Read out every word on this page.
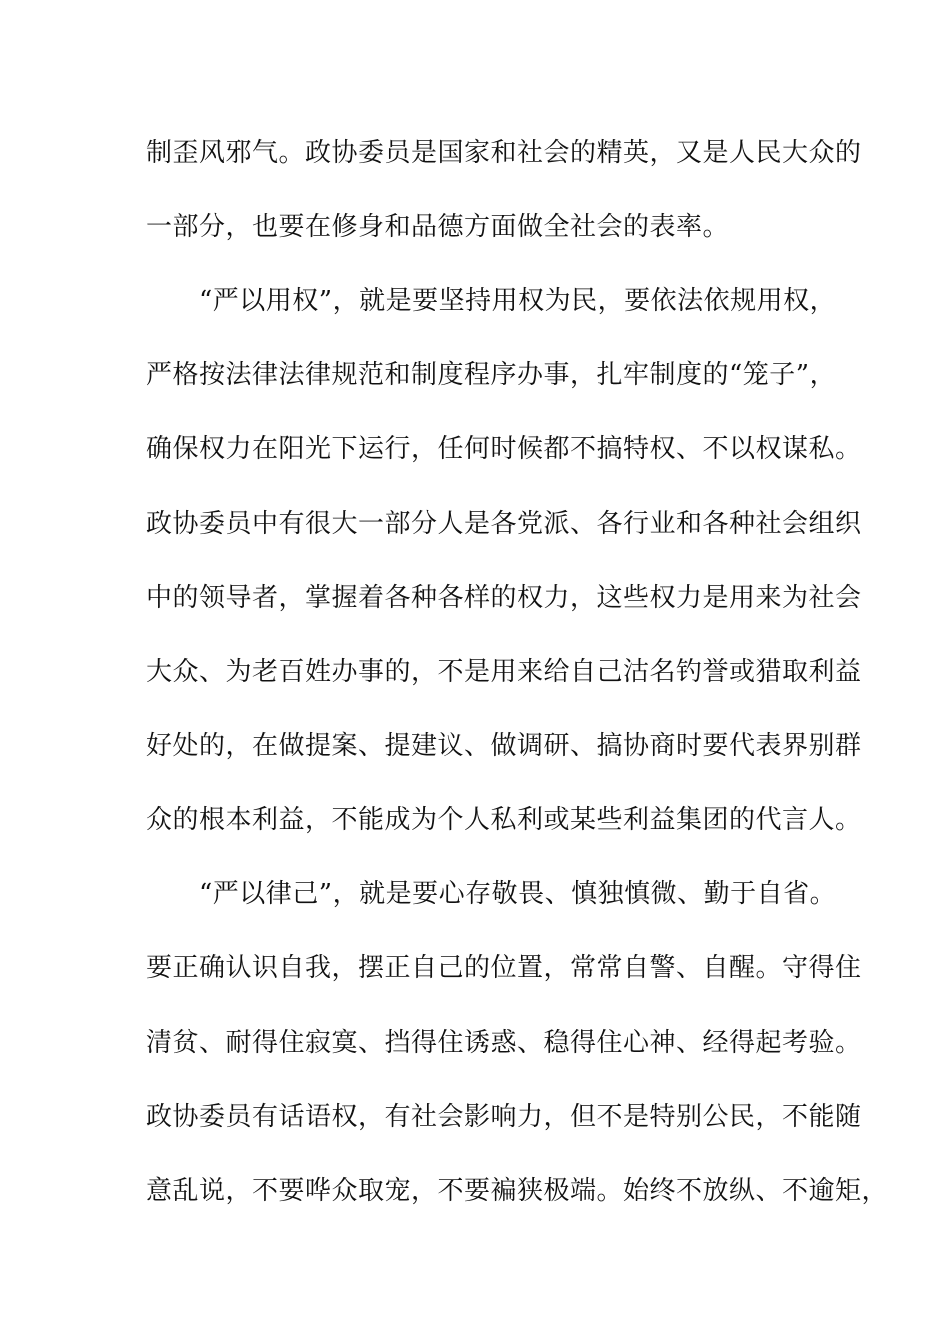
制歪风邪气。政协委员是国家和社会的精英，又是人民大众的
一部分，也要在修身和品德方面做全社会的表率。
“严以用权”，就是要坚持用权为民，要依法依规用权，
严格按法律法律规范和制度程序办事，扎牢制度的“笼子”，
确保权力在阳光下运行，任何时候都不搞特权、不以权谋私。
政协委员中有很大一部分人是各党派、各行业和各种社会组织
中的领导者，掌握着各种各样的权力，这些权力是用来为社会
大众、为老百姓办事的，不是用来给自己沽名钓誉或猎取利益
好处的，在做提案、提建议、做调研、搞协商时要代表界别群
众的根本利益，不能成为个人私利或某些利益集团的代言人。
“严以律己”，就是要心存敬畏、慎独慎微、勤于自省。
要正确认识自我，摆正自己的位置，常常自警、自醒。守得住
清贫、耐得住寂寞、挡得住诱惑、稳得住心神、经得起考验。
政协委员有话语权，有社会影响力，但不是特别公民，不能随
意乱说，不要哗众取宠，不要褊狭极端。始终不放纵、不逾矩，
